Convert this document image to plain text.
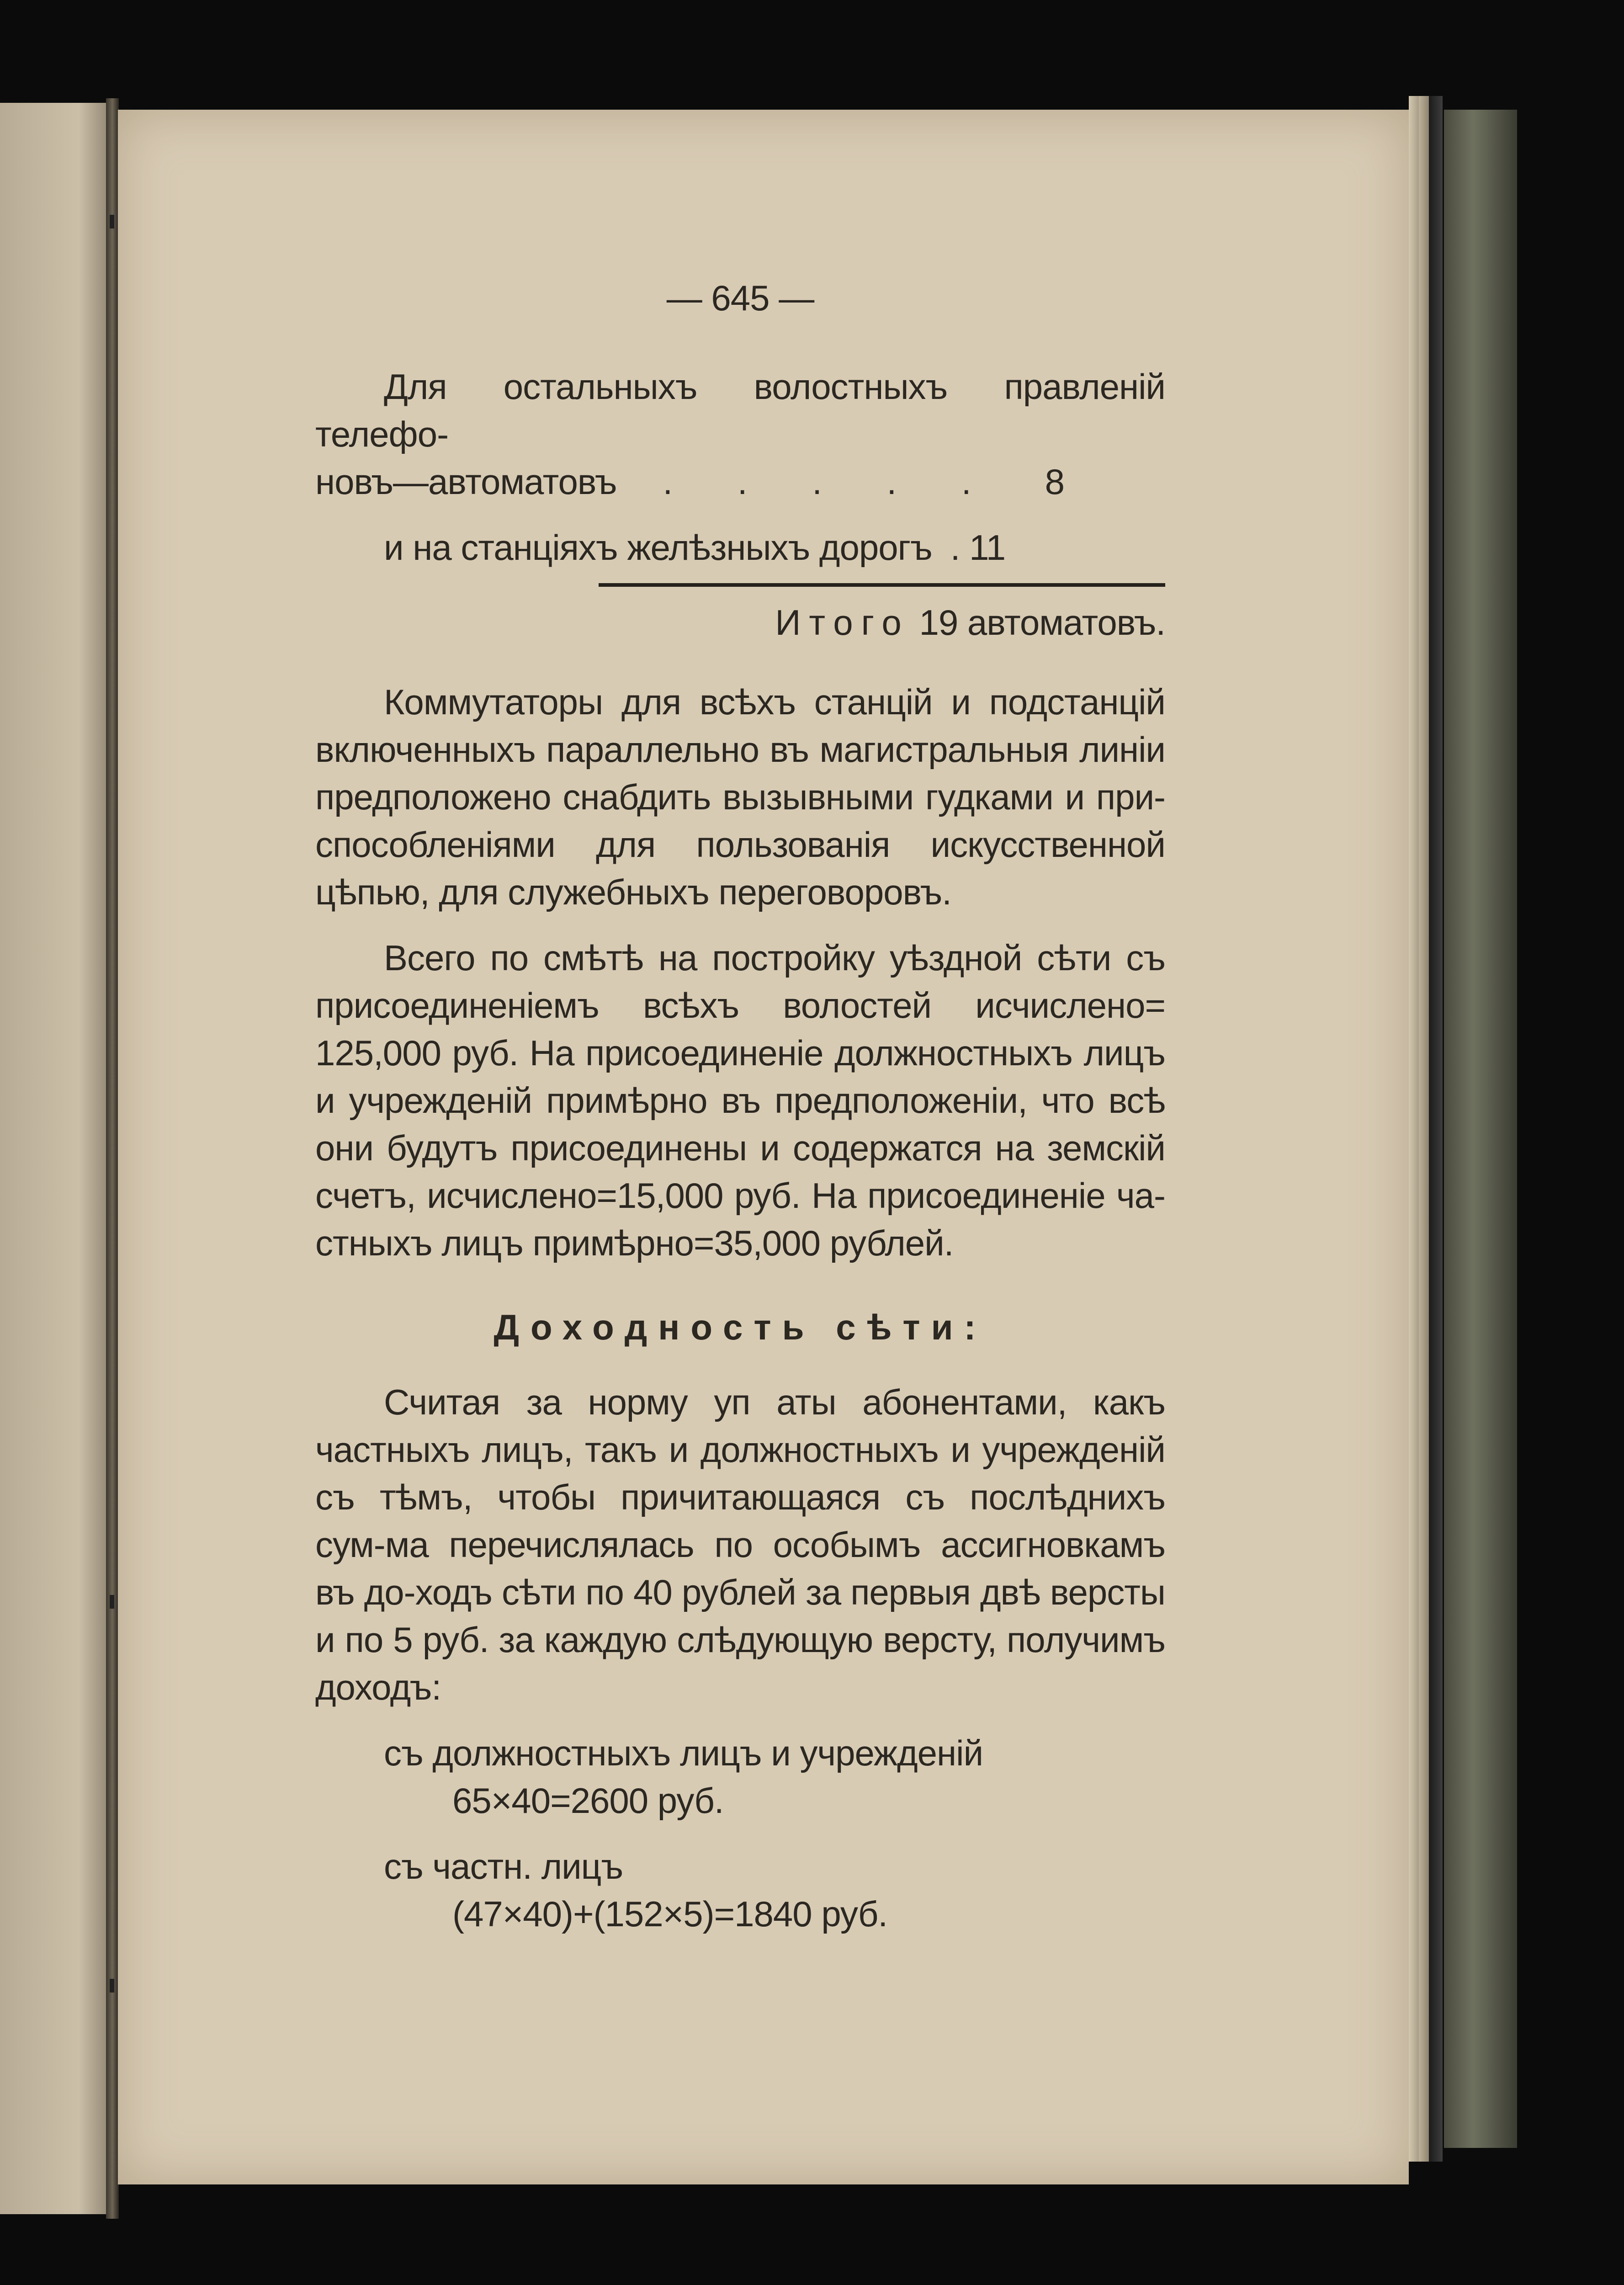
— 645 —

Для остальныхъ волостныхъ правленій телефо-

новъ—автоматовъ . . . . . 8
и на станціяхъ желѣзныхъ дорогъ . 11
Итого 19 автоматовъ.

Коммутаторы для всѣхъ станцій и подстанцій включенныхъ параллельно въ магистральныя линіи предположено снабдить вызывными гудками и при-способленіями для пользованія искусственной цѣпью, для служебныхъ переговоровъ.

Всего по смѣтѣ на постройку уѣздной сѣти съ присоединеніемъ всѣхъ волостей исчислено= 125,000 руб. На присоединеніе должностныхъ лицъ и учрежденій примѣрно въ предположеніи, что всѣ они будутъ присоединены и содержатся на земскій счетъ, исчислено=15,000 руб. На присоединеніе ча-стныхъ лицъ примѣрно=35,000 рублей.

Доходность сѣти:

Считая за норму уп аты абонентами, какъ частныхъ лицъ, такъ и должностныхъ и учрежденій съ тѣмъ, чтобы причитающаяся съ послѣднихъ сум-ма перечислялась по особымъ ассигновкамъ въ до-ходъ сѣти по 40 рублей за первыя двѣ версты и по 5 руб. за каждую слѣдующую версту, получимъ доходъ:

съ должностныхъ лицъ и учрежденій
65×40=2600 руб.
съ частн. лицъ
(47×40)+(152×5)=1840 руб.
